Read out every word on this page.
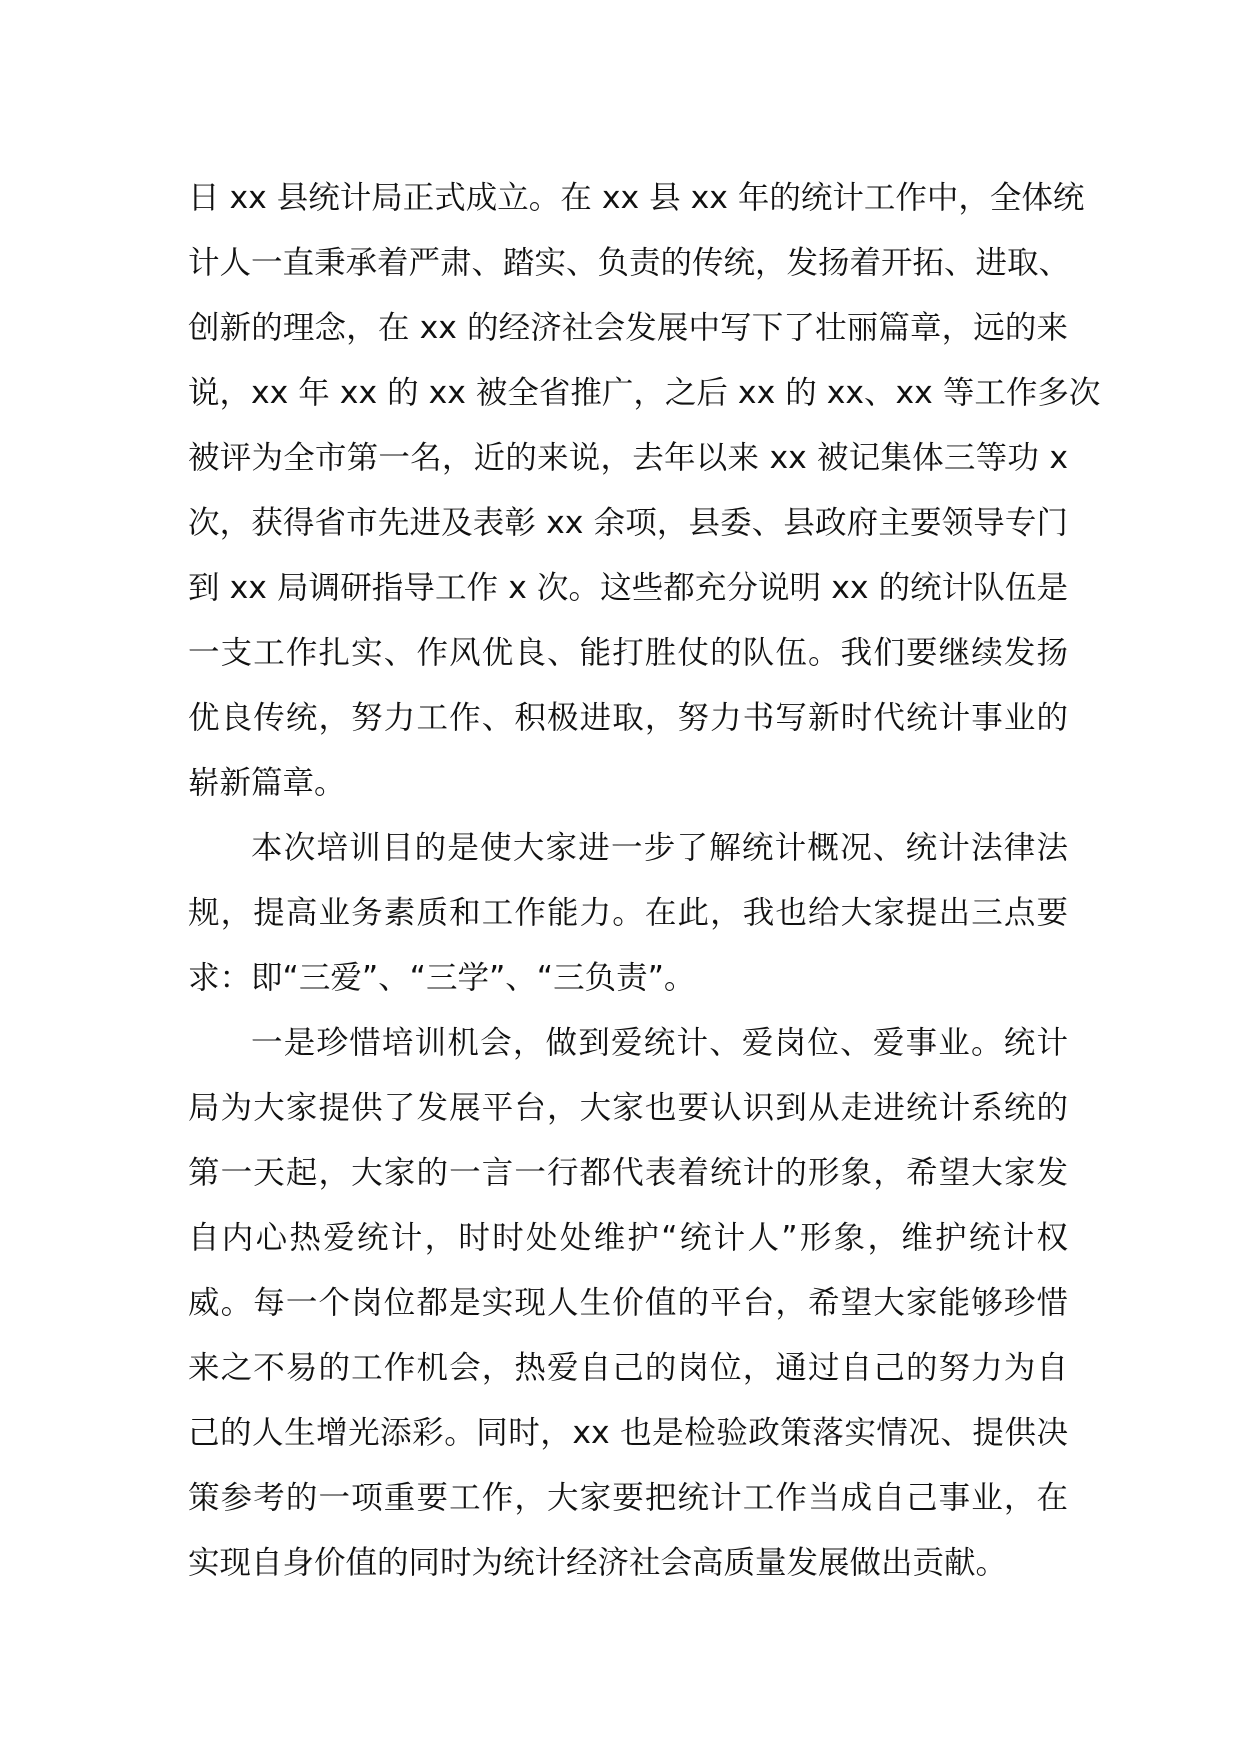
日 xx 县统计局正式成立。在 xx 县 xx 年的统计工作中，全体统
计人一直秉承着严肃、踏实、负责的传统，发扬着开拓、进取、
创新的理念，在 xx 的经济社会发展中写下了壮丽篇章，远的来
说，xx 年 xx 的 xx 被全省推广，之后 xx 的 xx、xx 等工作多次
被评为全市第一名，近的来说，去年以来 xx 被记集体三等功 x
次，获得省市先进及表彰 xx 余项，县委、县政府主要领导专门
到 xx 局调研指导工作 x 次。这些都充分说明 xx 的统计队伍是
一支工作扎实、作风优良、能打胜仗的队伍。我们要继续发扬
优良传统，努力工作、积极进取，努力书写新时代统计事业的
崭新篇章。
本次培训目的是使大家进一步了解统计概况、统计法律法
规，提高业务素质和工作能力。在此，我也给大家提出三点要
求：即“三爱”、“三学”、“三负责”。
一是珍惜培训机会，做到爱统计、爱岗位、爱事业。统计
局为大家提供了发展平台，大家也要认识到从走进统计系统的
第一天起，大家的一言一行都代表着统计的形象，希望大家发
自内心热爱统计，时时处处维护“统计人”形象，维护统计权
威。每一个岗位都是实现人生价值的平台，希望大家能够珍惜
来之不易的工作机会，热爱自己的岗位，通过自己的努力为自
己的人生增光添彩。同时，xx 也是检验政策落实情况、提供决
策参考的一项重要工作，大家要把统计工作当成自己事业，在
实现自身价值的同时为统计经济社会高质量发展做出贡献。
